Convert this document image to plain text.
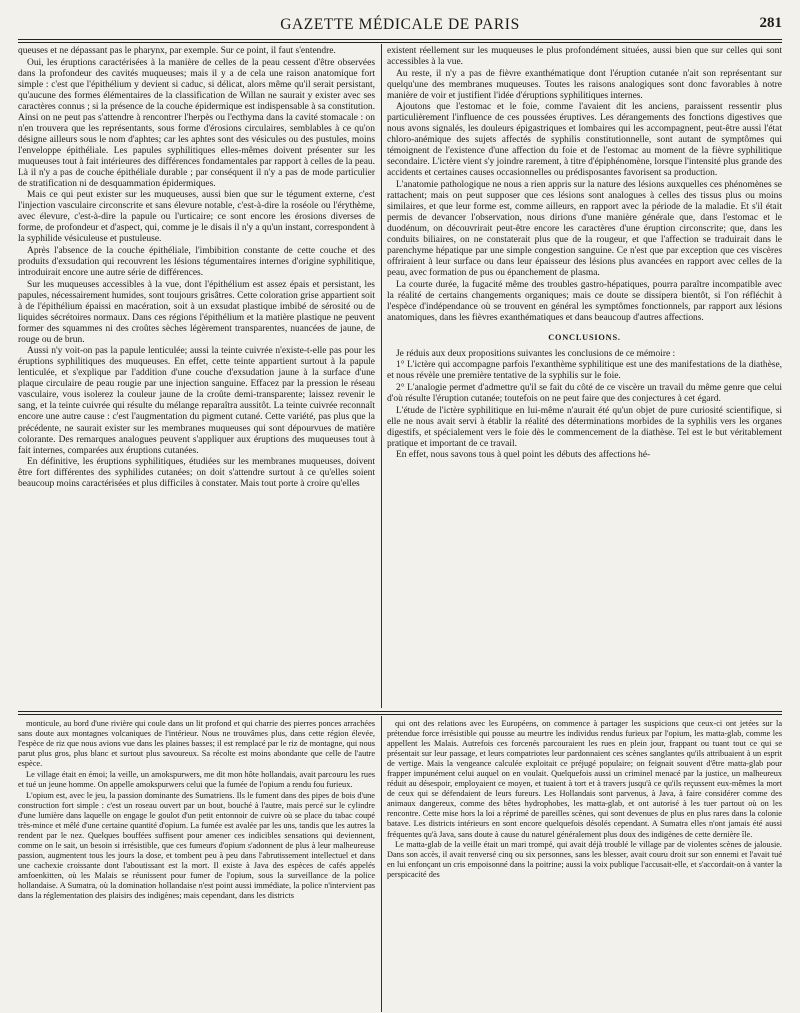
GAZETTE MÉDICALE DE PARIS	281

queuses et ne dépassant pas le pharynx, par exemple. Sur ce point, il faut s'entendre.

Oui, les éruptions caractérisées à la manière de celles de la peau cessent d'être observées dans la profondeur des cavités muqueuses; mais il y a de cela une raison anatomique fort simple : c'est que l'épithélium y devient si caduc, si délicat, alors même qu'il serait persistant, qu'aucune des formes élémentaires de la classification de Willan ne saurait y exister avec ses caractères connus ; si la présence de la couche épidermique est indispensable à sa constitution. Ainsi on ne peut pas s'attendre à rencontrer l'herpès ou l'ecthyma dans la cavité stomacale : on n'en trouvera que les représentants, sous forme d'érosions circulaires, semblables à ce qu'on désigne ailleurs sous le nom d'aphtes; car les aphtes sont des vésicules ou des pustules, moins l'enveloppe épithéliale. Les papules syphilitiques elles-mêmes doivent présenter sur les muqueuses tout à fait intérieures des différences fondamentales par rapport à celles de la peau. Là il n'y a pas de couche épithéliale durable ; par conséquent il n'y a pas de mode particulier de stratification ni de desquammation épidermiques.

Mais ce qui peut exister sur les muqueuses, aussi bien que sur le tégument externe, c'est l'injection vasculaire circonscrite et sans élevure notable, c'est-à-dire la roséole ou l'érythème, avec élevure, c'est-à-dire la papule ou l'urticaire; ce sont encore les érosions diverses de forme, de profondeur et d'aspect, qui, comme je le disais il n'y a qu'un instant, correspondent à la syphilide vésiculeuse et pustuleuse.

Après l'absence de la couche épithéliale, l'imbibition constante de cette couche et des produits d'exsudation qui recouvrent les lésions tégumentaires internes d'origine syphilitique, introduirait encore une autre série de différences.

Sur les muqueuses accessibles à la vue, dont l'épithélium est assez épais et persistant, les papules, nécessairement humides, sont toujours grisâtres. Cette coloration grise appartient soit à de l'épithélium épaissi en macération, soit à un exsudat plastique imbibé de sérosité ou de liquides sécrétoires normaux. Dans ces régions l'épithélium et la matière plastique ne peuvent former des squammes ni des croûtes sèches légèrement transparentes, nuancées de jaune, de rouge ou de brun.

Aussi n'y voit-on pas la papule lenticulée; aussi la teinte cuivrée n'existe-t-elle pas pour les éruptions syphilitiques des muqueuses. En effet, cette teinte appartient surtout à la papule lenticulée, et s'explique par l'addition d'une couche d'exsudation jaune à la surface d'une plaque circulaire de peau rougie par une injection sanguine. Effacez par la pression le réseau vasculaire, vous isolerez la couleur jaune de la croûte demi-transparente; laissez revenir le sang, et la teinte cuivrée qui résulte du mélange reparaîtra aussitôt. La teinte cuivrée reconnaît encore une autre cause : c'est l'augmentation du pigment cutané. Cette variété, pas plus que la précédente, ne saurait exister sur les membranes muqueuses qui sont dépourvues de matière colorante. Des remarques analogues peuvent s'appliquer aux éruptions des muqueuses tout à fait internes, comparées aux éruptions cutanées.

En définitive, les éruptions syphilitiques, étudiées sur les membranes muqueuses, doivent être fort différentes des syphilides cutanées; on doit s'attendre surtout à ce qu'elles soient beaucoup moins caractérisées et plus difficiles à constater. Mais tout porte à croire qu'elles

existent réellement sur les muqueuses le plus profondément situées, aussi bien que sur celles qui sont accessibles à la vue.

Au reste, il n'y a pas de fièvre exanthématique dont l'éruption cutanée n'ait son représentant sur quelqu'une des membranes muqueuses. Toutes les raisons analogiques sont donc favorables à notre manière de voir et justifient l'idée d'éruptions syphilitiques internes.

Ajoutons que l'estomac et le foie, comme l'avaient dit les anciens, paraissent ressentir plus particulièrement l'influence de ces poussées éruptives. Les dérangements des fonctions digestives que nous avons signalés, les douleurs épigastriques et lombaires qui les accompagnent, peut-être aussi l'état chloro-anémique des sujets affectés de syphilis constitutionnelle, sont autant de symptômes qui témoignent de l'existence d'une affection du foie et de l'estomac au moment de la fièvre syphilitique secondaire. L'ictère vient s'y joindre rarement, à titre d'épiphénomène, lorsque l'intensité plus grande des accidents et certaines causes occasionnelles ou prédisposantes favorisent sa production.

L'anatomie pathologique ne nous a rien appris sur la nature des lésions auxquelles ces phénomènes se rattachent; mais on peut supposer que ces lésions sont analogues à celles des tissus plus ou moins similaires, et que leur forme est, comme ailleurs, en rapport avec la période de la maladie. Et s'il était permis de devancer l'observation, nous dirions d'une manière générale que, dans l'estomac et le duodénum, on découvrirait peut-être encore les caractères d'une éruption circonscrite; que, dans les conduits biliaires, on ne constaterait plus que de la rougeur, et que l'affection se traduirait dans le parenchyme hépatique par une simple congestion sanguine. Ce n'est que par exception que ces viscères offriraient à leur surface ou dans leur épaisseur des lésions plus avancées en rapport avec celles de la peau, avec formation de pus ou épanchement de plasma.

La courte durée, la fugacité même des troubles gastro-hépatiques, pourra paraître incompatible avec la réalité de certains changements organiques; mais ce doute se dissipera bientôt, si l'on réfléchit à l'espèce d'indépendance où se trouvent en général les symptômes fonctionnels, par rapport aux lésions anatomiques, dans les fièvres exanthématiques et dans beaucoup d'autres affections.

CONCLUSIONS.

Je réduis aux deux propositions suivantes les conclusions de ce mémoire :

1° L'ictère qui accompagne parfois l'exanthème syphilitique est une des manifestations de la diathèse, et nous révèle une première tentative de la syphilis sur le foie.

2° L'analogie permet d'admettre qu'il se fait du côté de ce viscère un travail du même genre que celui d'où résulte l'éruption cutanée; toutefois on ne peut faire que des conjectures à cet égard.

L'étude de l'ictère syphilitique en lui-même n'aurait été qu'un objet de pure curiosité scientifique, si elle ne nous avait servi à établir la réalité des déterminations morbides de la syphilis vers les organes digestifs, et spécialement vers le foie dès le commencement de la diathèse. Tel est le but véritablement pratique et important de ce travail.

En effet, nous savons tous à quel point les débuts des affections hé-

monticule, au bord d'une rivière qui coule dans un lit profond et qui charrie des pierres ponces arrachées sans doute aux montagnes volcaniques de l'intérieur. Nous ne trouvâmes plus, dans cette région élevée, l'espèce de riz que nous avions vue dans les plaines basses; il est remplacé par le riz de montagne, qui nous parut plus gros, plus blanc et surtout plus savoureux. Sa récolte est moins abondante que celle de l'autre espèce.

Le village était en émoi; la veille, un amokspurwers, me dit mon hôte hollandais, avait parcouru les rues et tué un jeune homme. On appelle amokspurwers celui que la fumée de l'opium a rendu fou furieux.

L'opium est, avec le jeu, la passion dominante des Sumatriens. Ils le fument dans des pipes de bois d'une construction fort simple : c'est un roseau ouvert par un bout, bouché à l'autre, mais percé sur le cylindre d'une lumière dans laquelle on engage le goulot d'un petit entonnoir de cuivre où se place du tabac coupé très-mince et mêlé d'une certaine quantité d'opium. La fumée est avalée par les uns, tandis que les autres la rendent par le nez. Quelques bouffées suffisent pour amener ces indicibles sensations qui deviennent, comme on le sait, un besoin si irrésistible, que ces fumeurs d'opium s'adonnent de plus à leur malheureuse passion, augmentent tous les jours la dose, et tombent peu à peu dans l'abrutissement intellectuel et dans une cachexie croissante dont l'aboutissant est la mort. Il existe à Java des espèces de cafés appelés amfoenkitten, où les Malais se réunissent pour fumer de l'opium, sous la surveillance de la police hollandaise. A Sumatra, où la domination hollandaise n'est point aussi immédiate, la police n'intervient pas dans la réglementation des plaisirs des indigènes; mais cependant, dans les districts

qui ont des relations avec les Européens, on commence à partager les suspicions que ceux-ci ont jetées sur la prétendue force irrésistible qui pousse au meurtre les individus rendus furieux par l'opium, les matta-glab, comme les appellent les Malais. Autrefois ces forcenés parcouraient les rues en plein jour, frappant ou tuant tout ce qui se présentait sur leur passage, et leurs compatriotes leur pardonnaient ces scènes sanglantes qu'ils attribuaient à un esprit de vertige. Mais la vengeance calculée exploitait ce préjugé populaire; on feignait souvent d'être matta-glab pour frapper impunément celui auquel on en voulait. Quelquefois aussi un criminel menacé par la justice, un malheureux réduit au désespoir, employaient ce moyen, et tuaient à tort et à travers jusqu'à ce qu'ils reçussent eux-mêmes la mort de ceux qui se défendaient de leurs fureurs. Les Hollandais sont parvenus, à Java, à faire considérer comme des animaux dangereux, comme des bêtes hydrophobes, les matta-glab, et ont autorisé à les tuer partout où on les rencontre. Cette mise hors la loi a réprimé de pareilles scènes, qui sont devenues de plus en plus rares dans la colonie batave. Les districts intérieurs en sont encore quelquefois désolés cependant. A Sumatra elles n'ont jamais été aussi fréquentes qu'à Java, sans doute à cause du naturel généralement plus doux des indigènes de cette dernière île.

Le matta-glab de la veille était un mari trompé, qui avait déjà troublé le village par de violentes scènes de jalousie. Dans son accès, il avait renversé cinq ou six personnes, sans les blesser, avait couru droit sur son ennemi et l'avait tué en lui enfonçant un cris empoisonné dans la poitrine; aussi la voix publique l'accusait-elle, et s'accordait-on à vanter la perspicacité des
